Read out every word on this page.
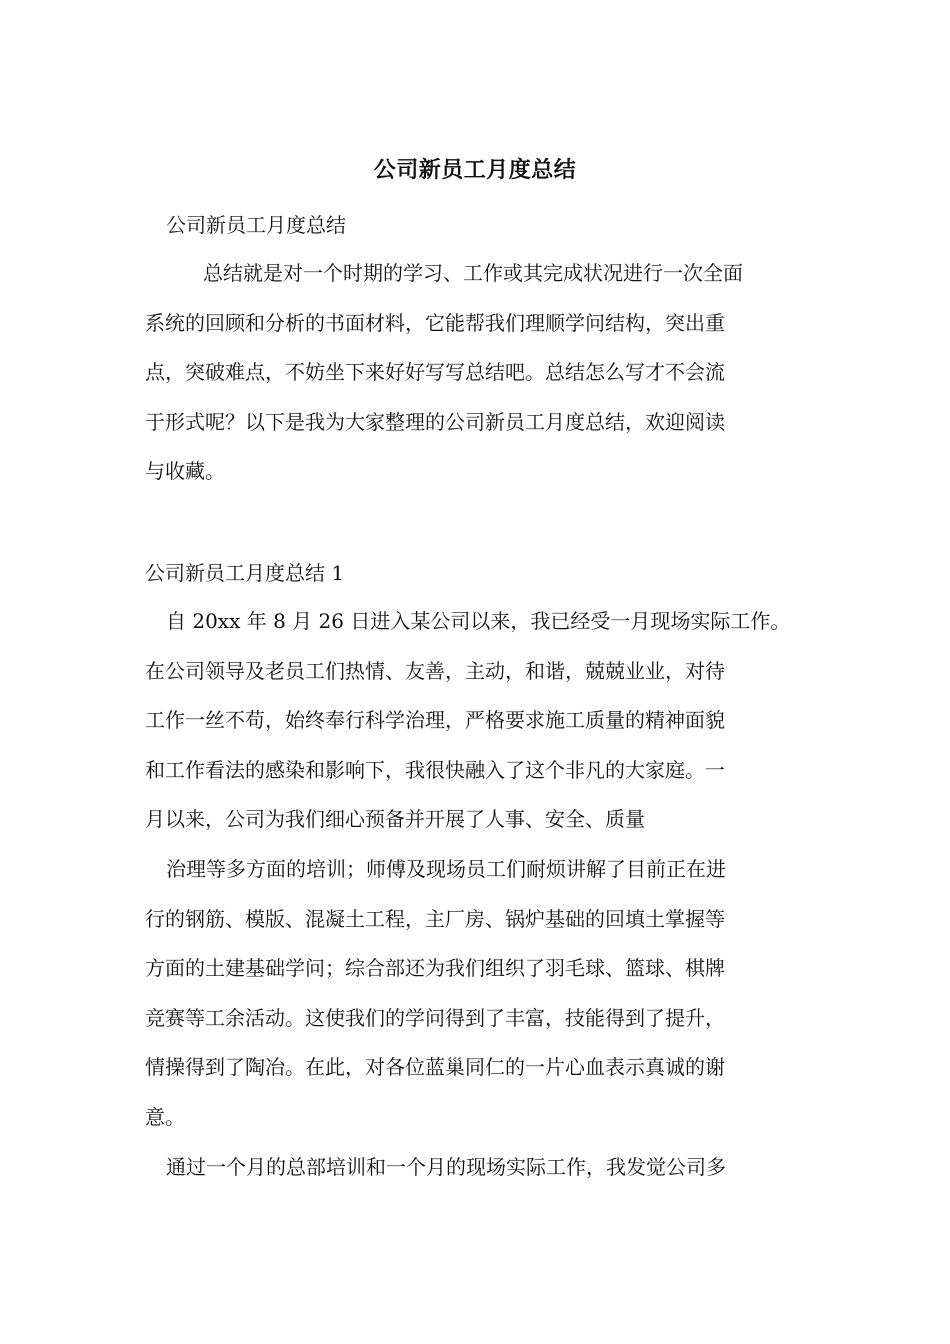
公司新员工月度总结
公司新员工月度总结
总结就是对一个时期的学习、工作或其完成状况进行一次全面
系统的回顾和分析的书面材料，它能帮我们理顺学问结构，突出重
点，突破难点，不妨坐下来好好写写总结吧。总结怎么写才不会流
于形式呢？以下是我为大家整理的公司新员工月度总结，欢迎阅读
与收藏。
公司新员工月度总结 1
自 20xx 年 8 月 26 日进入某公司以来，我已经受一月现场实际工作。
在公司领导及老员工们热情、友善，主动，和谐，兢兢业业，对待
工作一丝不苟，始终奉行科学治理，严格要求施工质量的精神面貌
和工作看法的感染和影响下，我很快融入了这个非凡的大家庭。一
月以来，公司为我们细心预备并开展了人事、安全、质量
治理等多方面的培训；师傅及现场员工们耐烦讲解了目前正在进
行的钢筋、模版、混凝土工程，主厂房、锅炉基础的回填土掌握等
方面的土建基础学问；综合部还为我们组织了羽毛球、篮球、棋牌
竞赛等工余活动。这使我们的学问得到了丰富，技能得到了提升，
情操得到了陶冶。在此，对各位蓝巢同仁的一片心血表示真诚的谢
意。
通过一个月的总部培训和一个月的现场实际工作，我发觉公司多
